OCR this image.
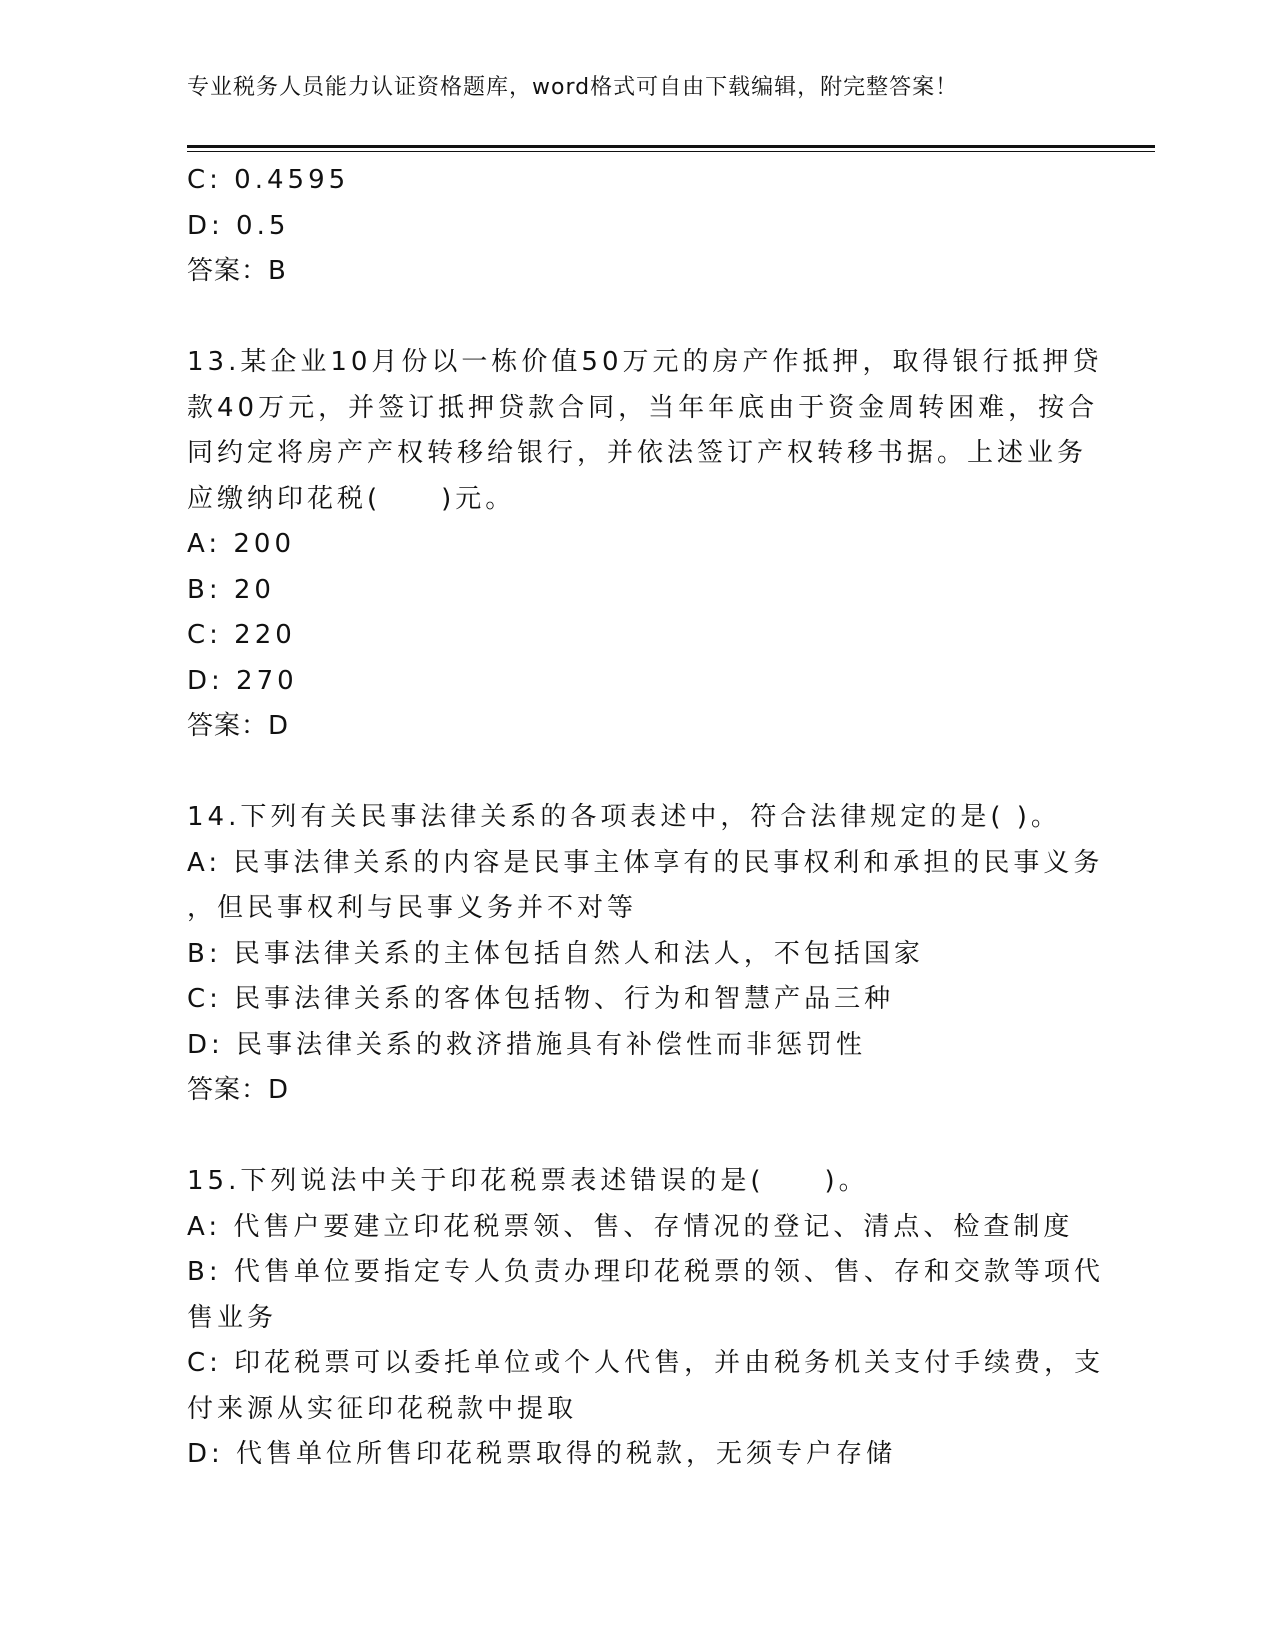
专业税务人员能力认证资格题库，word格式可自由下载编辑，附完整答案！
C: 0.4595
D: 0.5
答案：B
13.某企业10月份以一栋价值50万元的房产作抵押，取得银行抵押贷
款40万元，并签订抵押贷款合同，当年年底由于资金周转困难，按合
同约定将房产产权转移给银行，并依法签订产权转移书据。上述业务
应缴纳印花税(　　)元。
A: 200
B: 20
C: 220
D: 270
答案：D
14.下列有关民事法律关系的各项表述中，符合法律规定的是( )。
A: 民事法律关系的内容是民事主体享有的民事权利和承担的民事义务
，但民事权利与民事义务并不对等
B: 民事法律关系的主体包括自然人和法人，不包括国家
C: 民事法律关系的客体包括物、行为和智慧产品三种
D: 民事法律关系的救济措施具有补偿性而非惩罚性
答案：D
15.下列说法中关于印花税票表述错误的是(　　)。
A: 代售户要建立印花税票领、售、存情况的登记、清点、检查制度
B: 代售单位要指定专人负责办理印花税票的领、售、存和交款等项代
售业务
C: 印花税票可以委托单位或个人代售，并由税务机关支付手续费，支
付来源从实征印花税款中提取
D: 代售单位所售印花税票取得的税款，无须专户存储
